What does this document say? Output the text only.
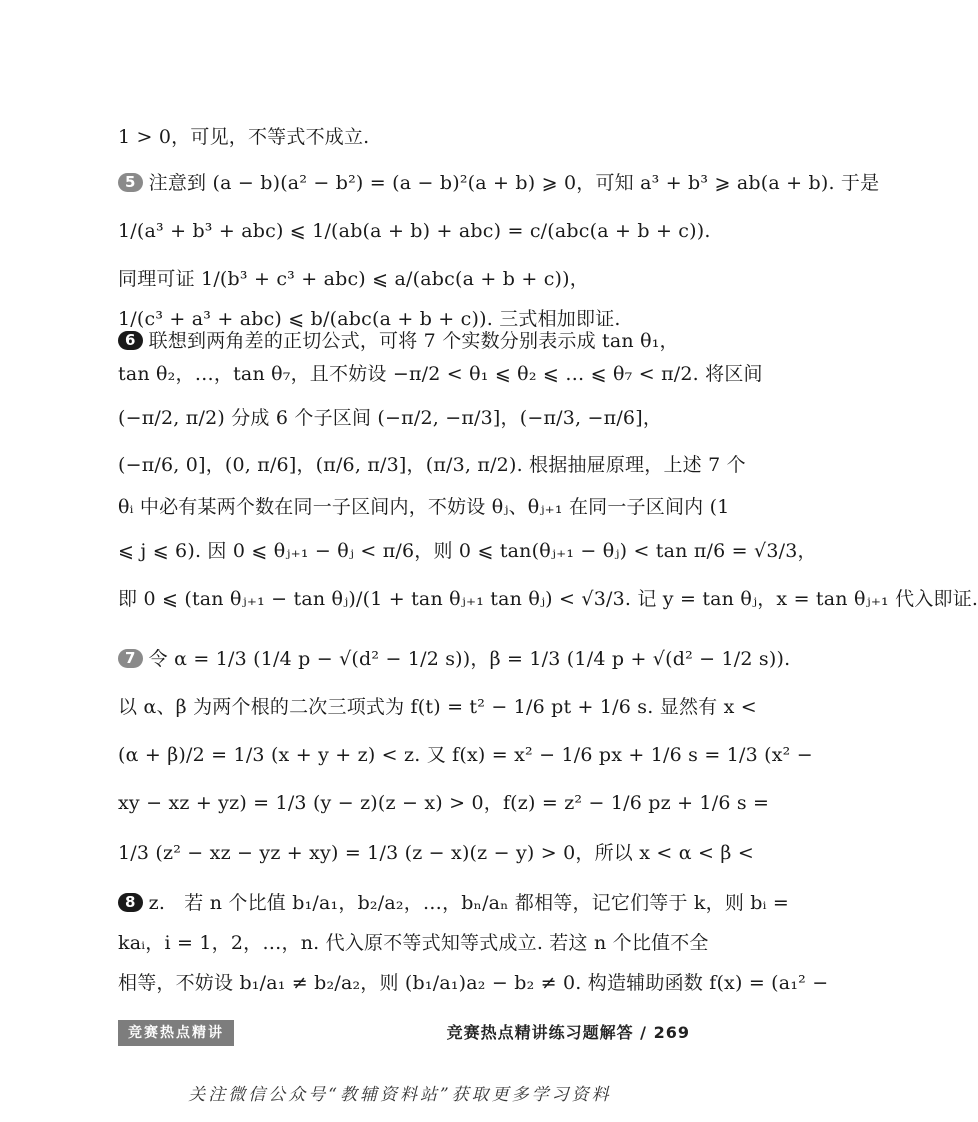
1 > 0，可见，不等式不成立.
5 注意到 (a − b)(a² − b²) = (a − b)²(a + b) ⩾ 0，可知 a³ + b³ ⩾ ab(a + b). 于是
1/(a³ + b³ + abc) ⩽ 1/(ab(a + b) + abc) = c/(abc(a + b + c)).
同理可证 1/(b³ + c³ + abc) ⩽ a/(abc(a + b + c))，
1/(c³ + a³ + abc) ⩽ b/(abc(a + b + c)). 三式相加即证.
6 联想到两角差的正切公式，可将 7 个实数分别表示成 tan θ₁，
tan θ₂，…，tan θ₇，且不妨设 −π/2 < θ₁ ⩽ θ₂ ⩽ … ⩽ θ₇ < π/2. 将区间
(−π/2, π/2) 分成 6 个子区间 (−π/2, −π/3]，(−π/3, −π/6]，
(−π/6, 0]，(0, π/6]，(π/6, π/3]，(π/3, π/2). 根据抽屉原理，上述 7 个
θᵢ 中必有某两个数在同一子区间内，不妨设 θⱼ、θⱼ₊₁ 在同一子区间内 (1
⩽ j ⩽ 6). 因 0 ⩽ θⱼ₊₁ − θⱼ < π/6，则 0 ⩽ tan(θⱼ₊₁ − θⱼ) < tan π/6 = √3/3，
即 0 ⩽ (tan θⱼ₊₁ − tan θⱼ)/(1 + tan θⱼ₊₁ tan θⱼ) < √3/3. 记 y = tan θⱼ，x = tan θⱼ₊₁ 代入即证.
7 令 α = 1/3 (1/4 p − √(d² − 1/2 s))，β = 1/3 (1/4 p + √(d² − 1/2 s)).
以 α、β 为两个根的二次三项式为 f(t) = t² − 1/6 pt + 1/6 s. 显然有 x <
(α + β)/2 = 1/3 (x + y + z) < z. 又 f(x) = x² − 1/6 px + 1/6 s = 1/3 (x² −
xy − xz + yz) = 1/3 (y − z)(z − x) > 0，f(z) = z² − 1/6 pz + 1/6 s =
1/3 (z² − xz − yz + xy) = 1/3 (z − x)(z − y) > 0，所以 x < α < β <
8 z.　若 n 个比值 b₁/a₁，b₂/a₂，…，bₙ/aₙ 都相等，记它们等于 k，则 bᵢ =
kaᵢ，i = 1，2，…，n. 代入原不等式知等式成立. 若这 n 个比值不全
相等，不妨设 b₁/a₁ ≠ b₂/a₂，则 (b₁/a₁)a₂ − b₂ ≠ 0. 构造辅助函数 f(x) = (a₁² −
竞赛热点精讲	竞赛热点精讲练习题解答 / 269
关注微信公众号“教辅资料站”获取更多学习资料
